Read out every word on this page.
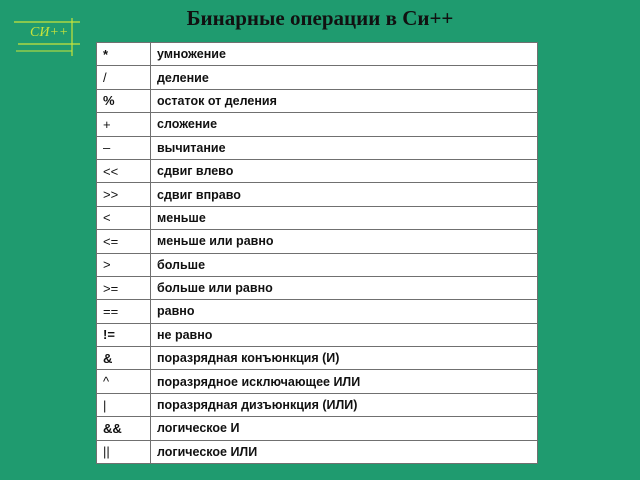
СИ++
Бинарные операции в Си++
*	умножение
/	деление
%	остаток от деления
+	сложение
–	вычитание
<<	сдвиг влево
>>	сдвиг вправо
<	меньше
<=	меньше или равно
>	больше
>=	больше или равно
==	равно
!=	не равно
&	поразрядная конъюнкция (И)
^	поразрядное исключающее ИЛИ
|	поразрядная дизъюнкция (ИЛИ)
&&	логическое И
||	логическое ИЛИ
